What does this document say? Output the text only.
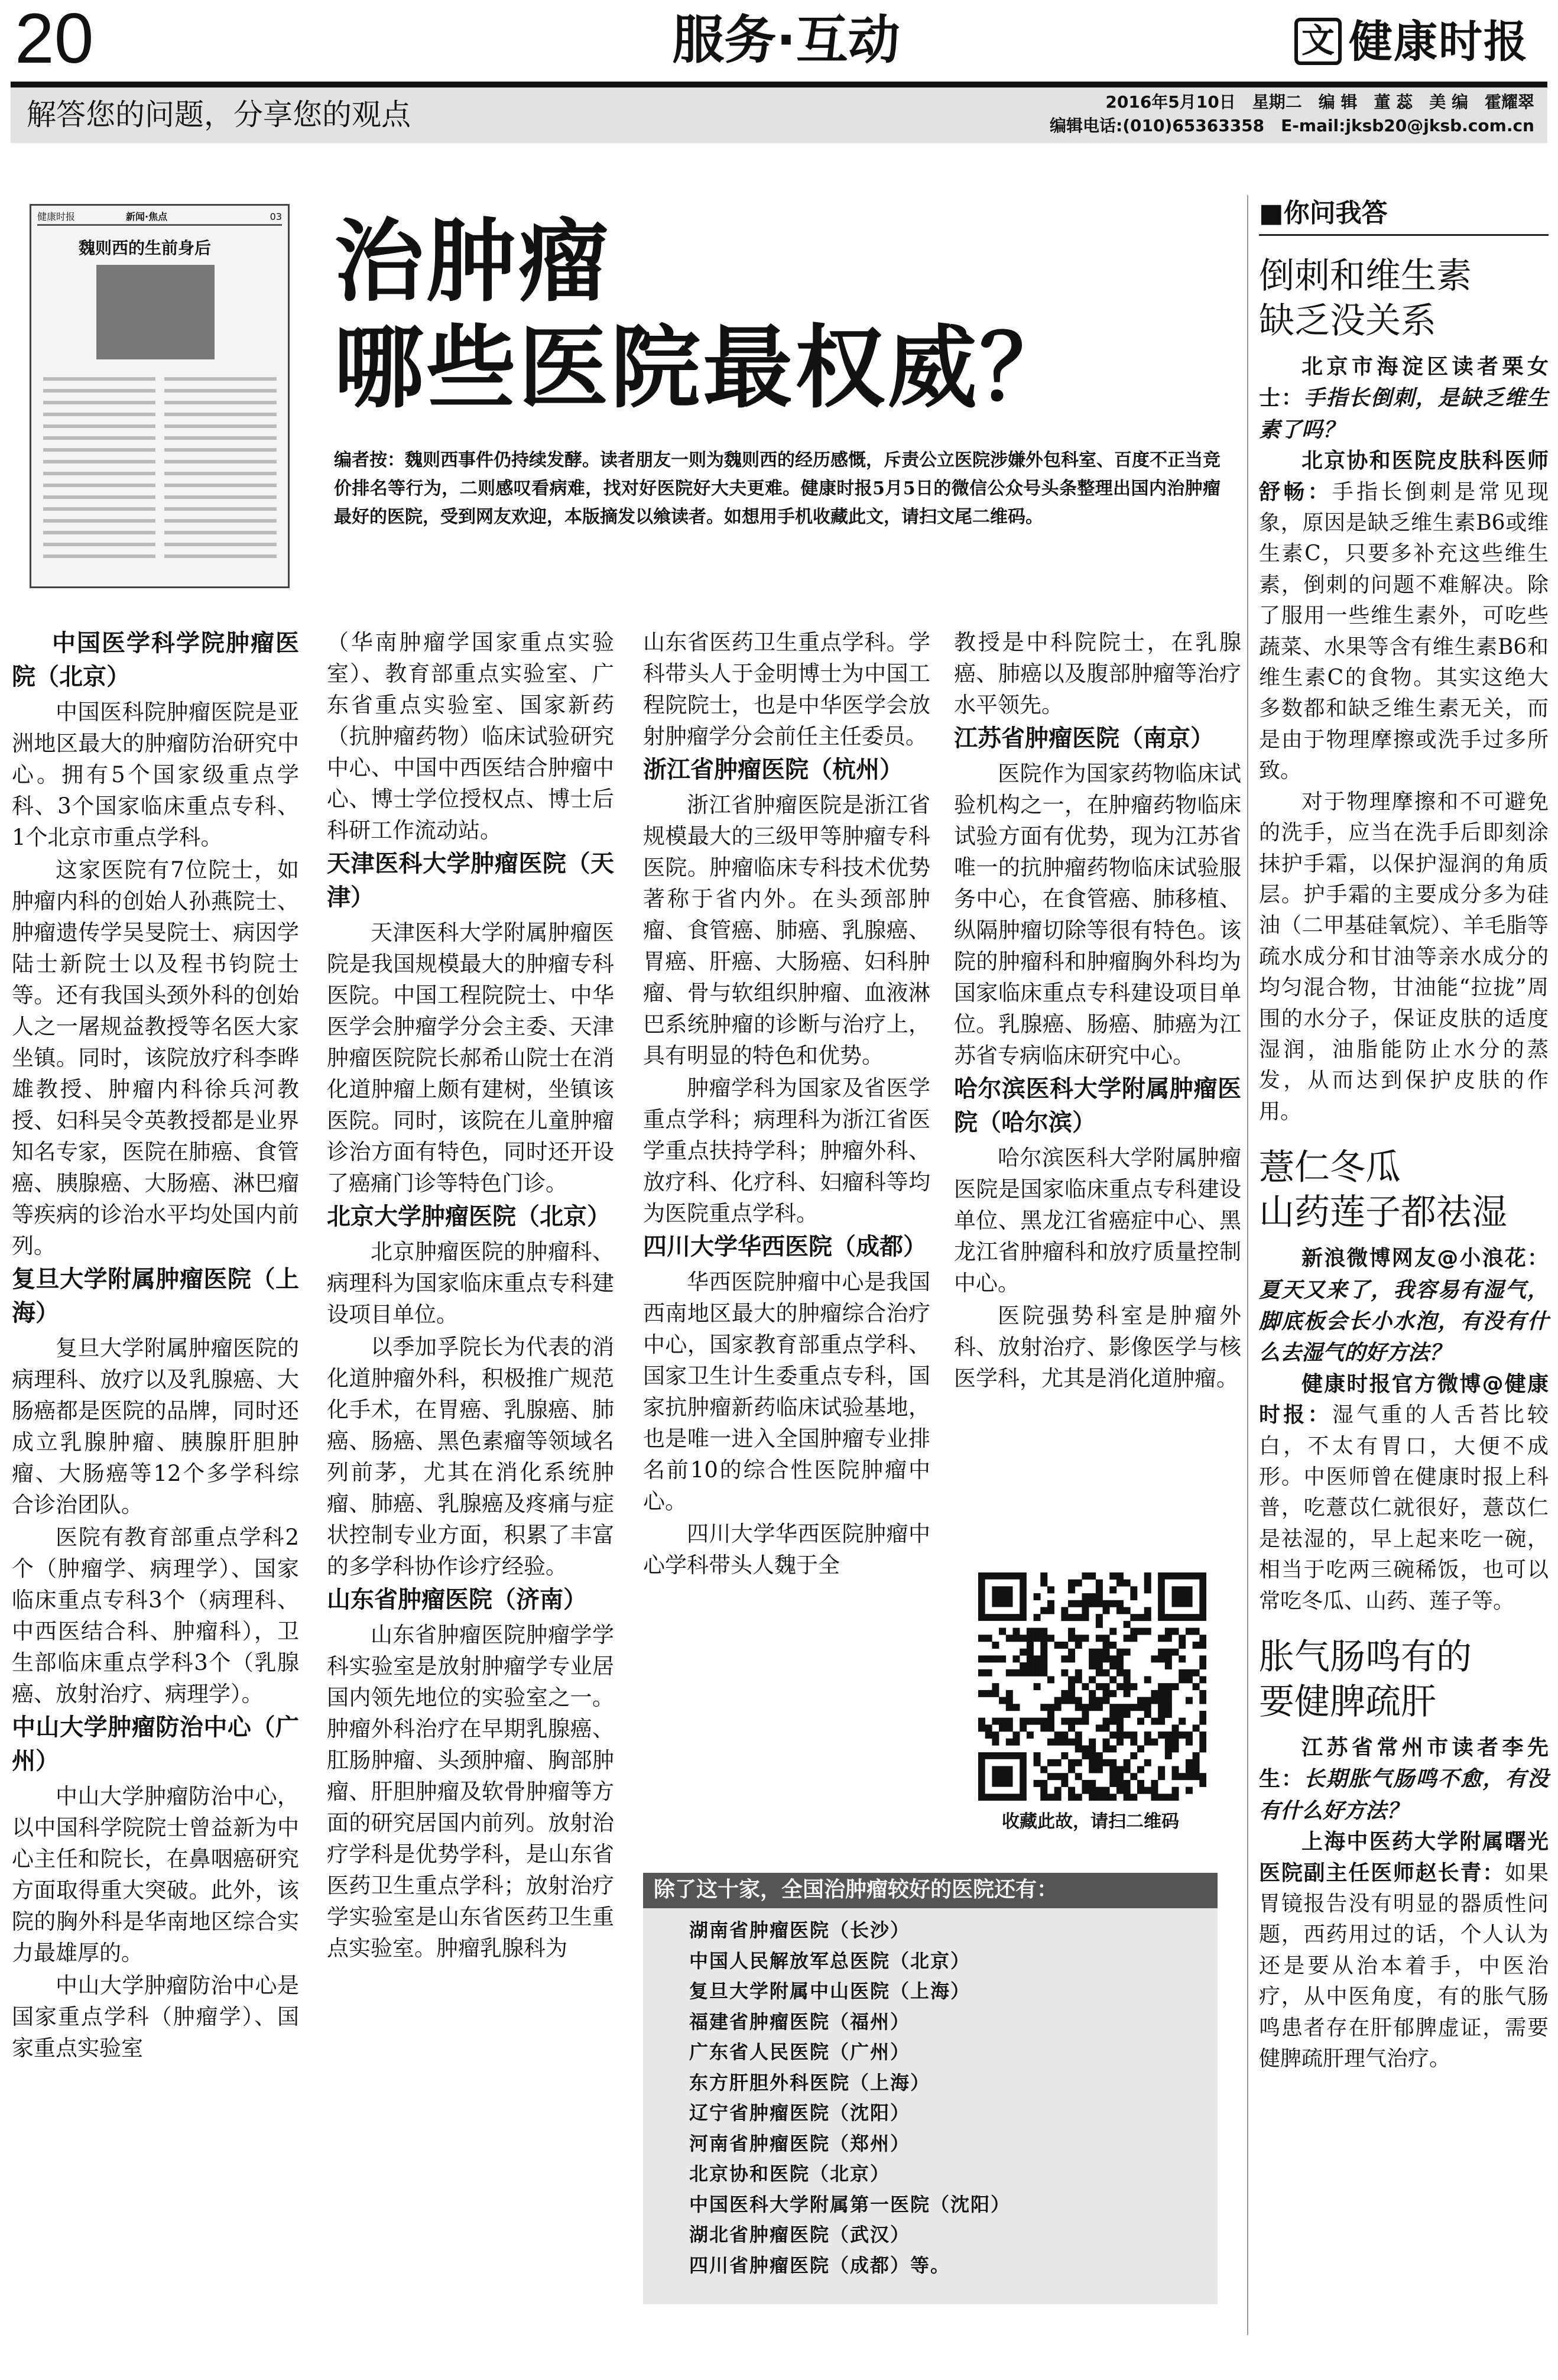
20	服务·互动	文 健康时报
解答您的问题，分享您的观点	2016年5月10日　星期二　编 辑　董 蕊　美 编　霍耀翠
编辑电话:(010)65363358　E-mail:jksb20@jksb.com.cn
健康时报	新闻·焦点	03
魏则西的生前身后 治肿瘤
哪些医院最权威？
编者按：魏则西事件仍持续发酵。读者朋友一则为魏则西的经历感慨，斥责公立医院涉嫌外包科室、百度不正当竞价排名等行为，二则感叹看病难，找对好医院好大夫更难。健康时报5月5日的微信公众号头条整理出国内治肿瘤最好的医院，受到网友欢迎，本版摘发以飨读者。如想用手机收藏此文，请扫文尾二维码。
中国医学科学院肿瘤医院（北京）

中国医科院肿瘤医院是亚洲地区最大的肿瘤防治研究中心。拥有5个国家级重点学科、3个国家临床重点专科、1个北京市重点学科。

这家医院有7位院士，如肿瘤内科的创始人孙燕院士、肿瘤遗传学吴旻院士、病因学陆士新院士以及程书钧院士等。还有我国头颈外科的创始人之一屠规益教授等名医大家坐镇。同时，该院放疗科李晔雄教授、肿瘤内科徐兵河教授、妇科吴令英教授都是业界知名专家，医院在肺癌、食管癌、胰腺癌、大肠癌、淋巴瘤等疾病的诊治水平均处国内前列。

复旦大学附属肿瘤医院（上海）

复旦大学附属肿瘤医院的病理科、放疗以及乳腺癌、大肠癌都是医院的品牌，同时还成立乳腺肿瘤、胰腺肝胆肿瘤、大肠癌等12个多学科综合诊治团队。

医院有教育部重点学科2个（肿瘤学、病理学）、国家临床重点专科3个（病理科、中西医结合科、肿瘤科），卫生部临床重点学科3个（乳腺癌、放射治疗、病理学）。

中山大学肿瘤防治中心（广州）

中山大学肿瘤防治中心，以中国科学院院士曾益新为中心主任和院长，在鼻咽癌研究方面取得重大突破。此外，该院的胸外科是华南地区综合实力最雄厚的。

中山大学肿瘤防治中心是国家重点学科（肿瘤学）、国家重点实验室

（华南肿瘤学国家重点实验室）、教育部重点实验室、广东省重点实验室、国家新药（抗肿瘤药物）临床试验研究中心、中国中西医结合肿瘤中心、博士学位授权点、博士后科研工作流动站。

天津医科大学肿瘤医院（天津）

天津医科大学附属肿瘤医院是我国规模最大的肿瘤专科医院。中国工程院院士、中华医学会肿瘤学分会主委、天津肿瘤医院院长郝希山院士在消化道肿瘤上颇有建树，坐镇该医院。同时，该院在儿童肿瘤诊治方面有特色，同时还开设了癌痛门诊等特色门诊。

北京大学肿瘤医院（北京）

北京肿瘤医院的肿瘤科、病理科为国家临床重点专科建设项目单位。

以季加孚院长为代表的消化道肿瘤外科，积极推广规范化手术，在胃癌、乳腺癌、肺癌、肠癌、黑色素瘤等领域名列前茅，尤其在消化系统肿瘤、肺癌、乳腺癌及疼痛与症状控制专业方面，积累了丰富的多学科协作诊疗经验。

山东省肿瘤医院（济南）

山东省肿瘤医院肿瘤学学科实验室是放射肿瘤学专业居国内领先地位的实验室之一。肿瘤外科治疗在早期乳腺癌、肛肠肿瘤、头颈肿瘤、胸部肿瘤、肝胆肿瘤及软骨肿瘤等方面的研究居国内前列。放射治疗学科是优势学科，是山东省医药卫生重点学科；放射治疗学实验室是山东省医药卫生重点实验室。肿瘤乳腺科为

山东省医药卫生重点学科。学科带头人于金明博士为中国工程院院士，也是中华医学会放射肿瘤学分会前任主任委员。

浙江省肿瘤医院（杭州）

浙江省肿瘤医院是浙江省规模最大的三级甲等肿瘤专科医院。肿瘤临床专科技术优势著称于省内外。在头颈部肿瘤、食管癌、肺癌、乳腺癌、胃癌、肝癌、大肠癌、妇科肿瘤、骨与软组织肿瘤、血液淋巴系统肿瘤的诊断与治疗上，具有明显的特色和优势。

肿瘤学科为国家及省医学重点学科；病理科为浙江省医学重点扶持学科；肿瘤外科、放疗科、化疗科、妇瘤科等均为医院重点学科。

四川大学华西医院（成都）

华西医院肿瘤中心是我国西南地区最大的肿瘤综合治疗中心，国家教育部重点学科、国家卫生计生委重点专科，国家抗肿瘤新药临床试验基地，也是唯一进入全国肿瘤专业排名前10的综合性医院肿瘤中心。

四川大学华西医院肿瘤中心学科带头人魏于全

教授是中科院院士，在乳腺癌、肺癌以及腹部肿瘤等治疗水平领先。

江苏省肿瘤医院（南京）

医院作为国家药物临床试验机构之一，在肿瘤药物临床试验方面有优势，现为江苏省唯一的抗肿瘤药物临床试验服务中心，在食管癌、肺移植、纵隔肿瘤切除等很有特色。该院的肿瘤科和肿瘤胸外科均为国家临床重点专科建设项目单位。乳腺癌、肠癌、肺癌为江苏省专病临床研究中心。

哈尔滨医科大学附属肿瘤医院（哈尔滨）

哈尔滨医科大学附属肿瘤医院是国家临床重点专科建设单位、黑龙江省癌症中心、黑龙江省肿瘤科和放疗质量控制中心。

医院强势科室是肿瘤外科、放射治疗、影像医学与核医学科，尤其是消化道肿瘤。

收藏此故，请扫二维码
除了这十家，全国治肿瘤较好的医院还有：
湖南省肿瘤医院（长沙）
中国人民解放军总医院（北京）
复旦大学附属中山医院（上海）
福建省肿瘤医院（福州）
广东省人民医院（广州）
东方肝胆外科医院（上海）
辽宁省肿瘤医院（沈阳）
河南省肿瘤医院（郑州）
北京协和医院（北京）
中国医科大学附属第一医院（沈阳）
湖北省肿瘤医院（武汉）
四川省肿瘤医院（成都）等。
■你问我答
倒刺和维生素
缺乏没关系

北京市海淀区读者栗女士：手指长倒刺，是缺乏维生素了吗？

北京协和医院皮肤科医师舒畅：手指长倒刺是常见现象，原因是缺乏维生素B6或维生素C，只要多补充这些维生素，倒刺的问题不难解决。除了服用一些维生素外，可吃些蔬菜、水果等含有维生素B6和维生素C的食物。其实这绝大多数都和缺乏维生素无关，而是由于物理摩擦或洗手过多所致。

对于物理摩擦和不可避免的洗手，应当在洗手后即刻涂抹护手霜，以保护湿润的角质层。护手霜的主要成分多为硅油（二甲基硅氧烷）、羊毛脂等疏水成分和甘油等亲水成分的均匀混合物，甘油能“拉拢”周围的水分子，保证皮肤的适度湿润，油脂能防止水分的蒸发，从而达到保护皮肤的作用。

薏仁冬瓜
山药莲子都祛湿

新浪微博网友@小浪花：夏天又来了，我容易有湿气，脚底板会长小水泡，有没有什么去湿气的好方法？

健康时报官方微博@健康时报：湿气重的人舌苔比较白，不太有胃口，大便不成形。中医师曾在健康时报上科普，吃薏苡仁就很好，薏苡仁是祛湿的，早上起来吃一碗，相当于吃两三碗稀饭，也可以常吃冬瓜、山药、莲子等。

胀气肠鸣有的
要健脾疏肝

江苏省常州市读者李先生：长期胀气肠鸣不愈，有没有什么好方法？

上海中医药大学附属曙光医院副主任医师赵长青：如果胃镜报告没有明显的器质性问题，西药用过的话，个人认为还是要从治本着手，中医治疗，从中医角度，有的胀气肠鸣患者存在肝郁脾虚证，需要健脾疏肝理气治疗。
